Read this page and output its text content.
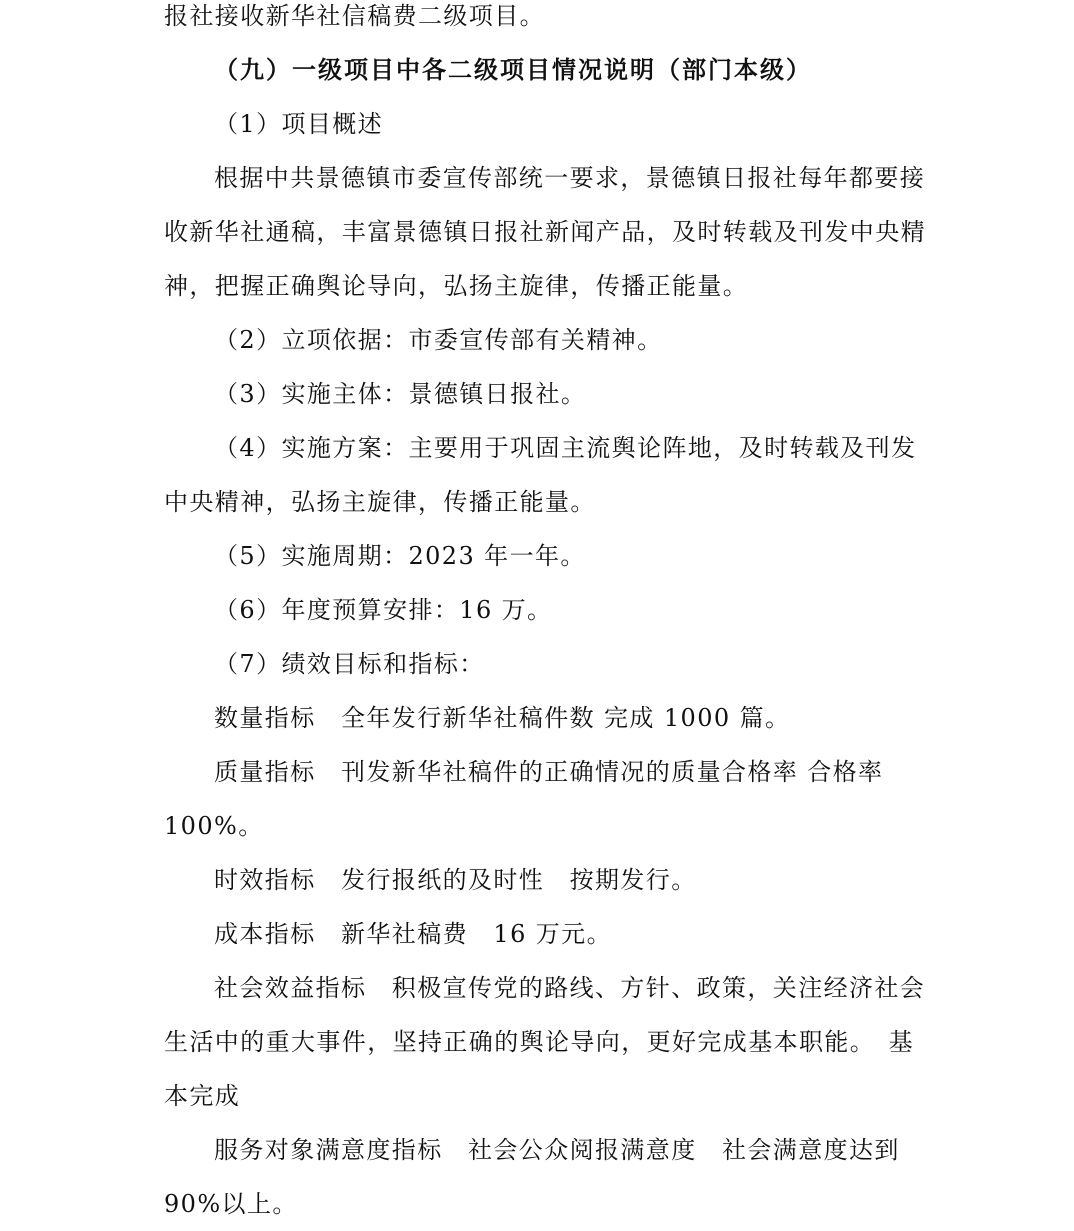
报社接收新华社信稿费二级项目。
（九）一级项目中各二级项目情况说明（部门本级）
（1）项目概述
根据中共景德镇市委宣传部统一要求，景德镇日报社每年都要接
收新华社通稿，丰富景德镇日报社新闻产品，及时转载及刊发中央精
神，把握正确舆论导向，弘扬主旋律，传播正能量。
（2）立项依据：市委宣传部有关精神。
（3）实施主体：景德镇日报社。
（4）实施方案：主要用于巩固主流舆论阵地，及时转载及刊发
中央精神，弘扬主旋律，传播正能量。
（5）实施周期：2023 年一年。
（6）年度预算安排：16 万。
（7）绩效目标和指标：
数量指标　全年发行新华社稿件数 完成 1000 篇。
质量指标　刊发新华社稿件的正确情况的质量合格率 合格率
100%。
时效指标　发行报纸的及时性　按期发行。
成本指标　新华社稿费　16 万元。
社会效益指标　积极宣传党的路线、方针、政策，关注经济社会
生活中的重大事件，坚持正确的舆论导向，更好完成基本职能。　基
本完成
服务对象满意度指标　社会公众阅报满意度　社会满意度达到
90%以上。
